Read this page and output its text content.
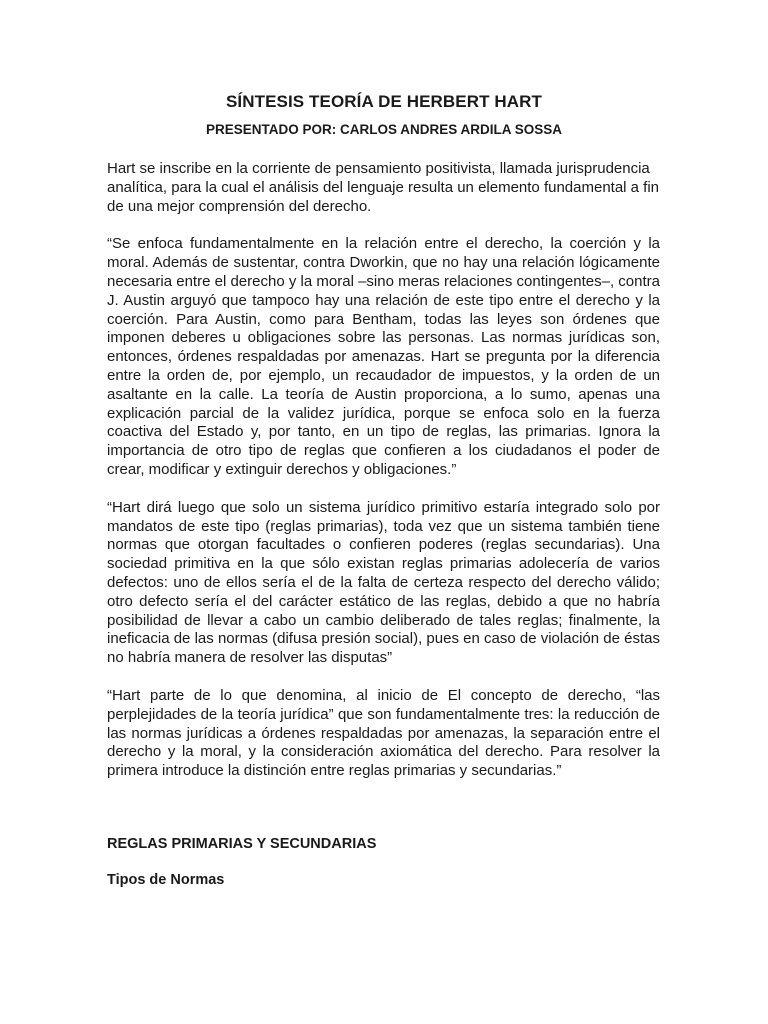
SÍNTESIS TEORÍA DE HERBERT HART
PRESENTADO POR: CARLOS ANDRES ARDILA SOSSA

Hart se inscribe en la corriente de pensamiento positivista, llamada jurisprudencia analítica, para la cual el análisis del lenguaje resulta un elemento fundamental a fin de una mejor comprensión del derecho.

“Se enfoca fundamentalmente en la relación entre el derecho, la coerción y la moral. Además de sustentar, contra Dworkin, que no hay una relación lógicamente necesaria entre el derecho y la moral –sino meras relaciones contingentes–, contra J. Austin arguyó que tampoco hay una relación de este tipo entre el derecho y la coerción. Para Austin, como para Bentham, todas las leyes son órdenes que imponen deberes u obligaciones sobre las personas. Las normas jurídicas son, entonces, órdenes respaldadas por amenazas. Hart se pregunta por la diferencia entre la orden de, por ejemplo, un recaudador de impuestos, y la orden de un asaltante en la calle. La teoría de Austin proporciona, a lo sumo, apenas una explicación parcial de la validez jurídica, porque se enfoca solo en la fuerza coactiva del Estado y, por tanto, en un tipo de reglas, las primarias. Ignora la importancia de otro tipo de reglas que confieren a los ciudadanos el poder de crear, modificar y extinguir derechos y obligaciones.”

“Hart dirá luego que solo un sistema jurídico primitivo estaría integrado solo por mandatos de este tipo (reglas primarias), toda vez que un sistema también tiene normas que otorgan facultades o confieren poderes (reglas secundarias). Una sociedad primitiva en la que sólo existan reglas primarias adolecería de varios defectos: uno de ellos sería el de la falta de certeza respecto del derecho válido; otro defecto sería el del carácter estático de las reglas, debido a que no habría posibilidad de llevar a cabo un cambio deliberado de tales reglas; finalmente, la ineficacia de las normas (difusa presión social), pues en caso de violación de éstas no habría manera de resolver las disputas”

“Hart parte de lo que denomina, al inicio de El concepto de derecho, “las perplejidades de la teoría jurídica” que son fundamentalmente tres: la reducción de las normas jurídicas a órdenes respaldadas por amenazas, la separación entre el derecho y la moral, y la consideración axiomática del derecho. Para resolver la primera introduce la distinción entre reglas primarias y secundarias.”

REGLAS PRIMARIAS Y SECUNDARIAS
Tipos de Normas
